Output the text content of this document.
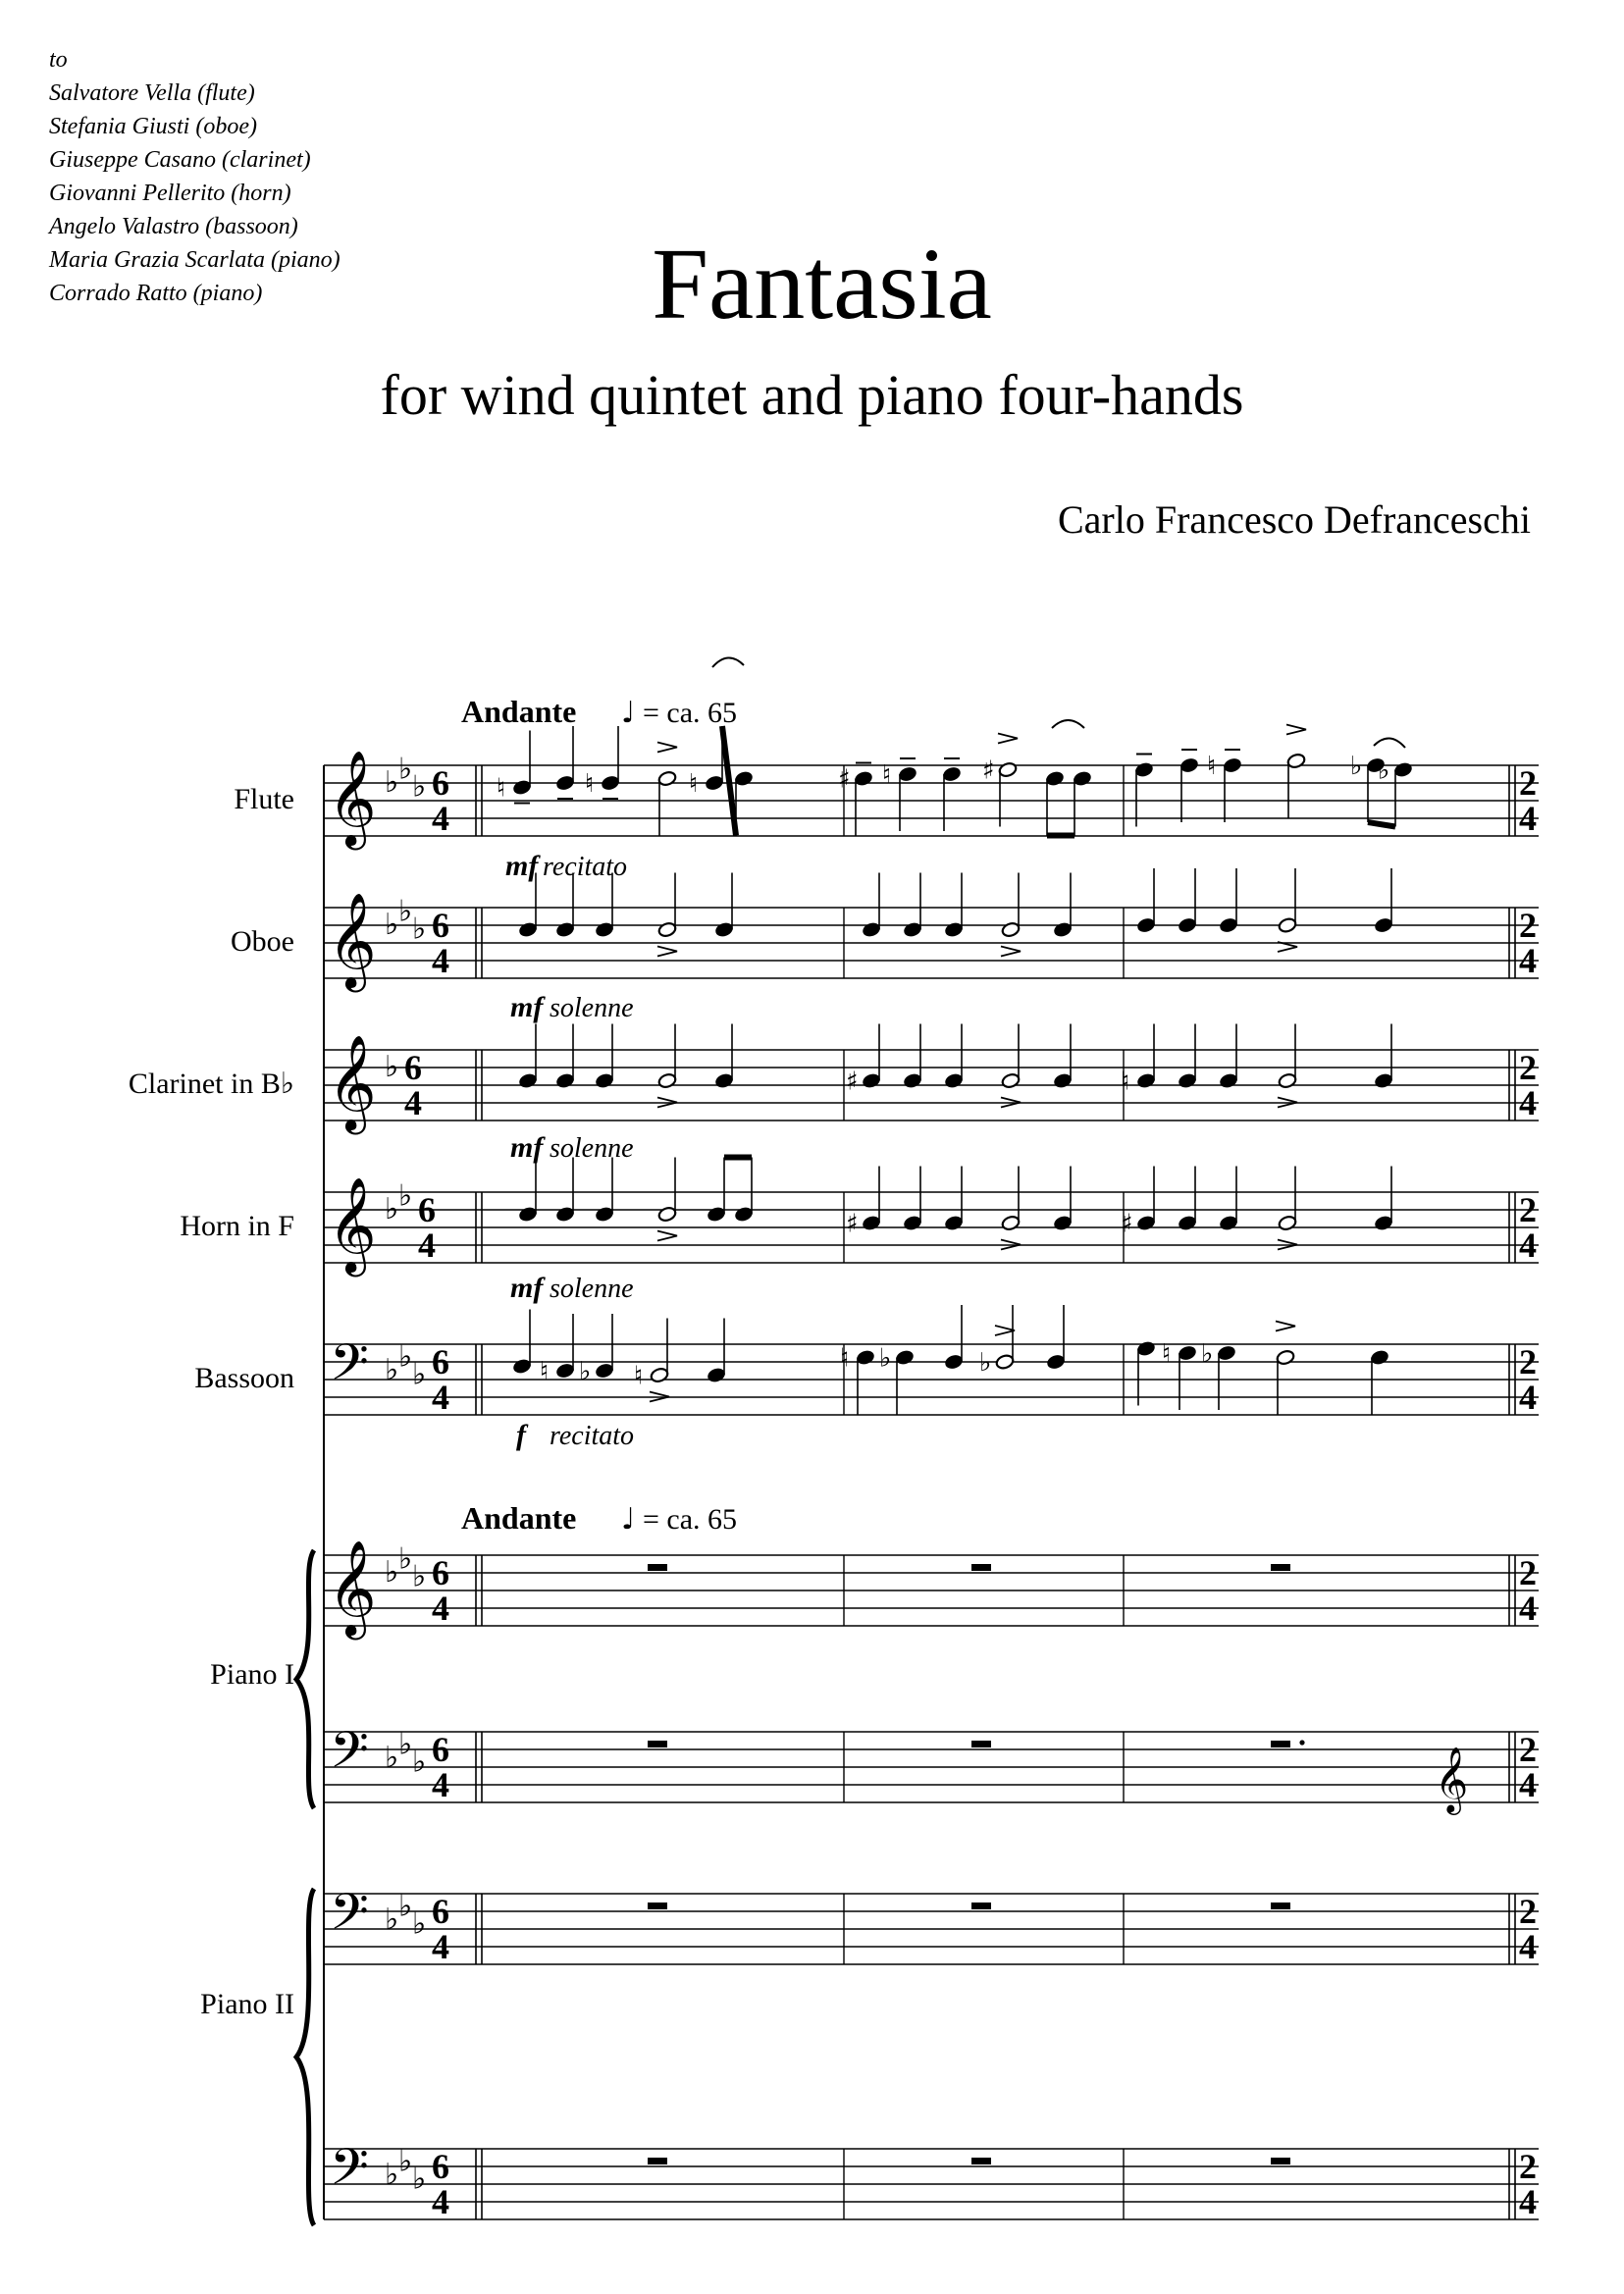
to
Salvatore Vella (flute)
Stefania Giusti (oboe)
Giuseppe Casano (clarinet)
Giovanni Pellerito (horn)
Angelo Valastro (bassoon)
Maria Grazia Scarlata (piano)
Corrado Ratto (piano)	Fantasia
for wind quintet and piano four-hands
Carlo Francesco Defranceschi
𝄞 ♭ ♭
♭ 6
4
2
4
Flute
𝄞 ♭ ♭
♭ 6
4
2
4
Oboe
𝄞 ♭ 6
4
2
4
Clarinet in B♭
𝄞 ♭ ♭ 6
4
2
4
Horn in F
𝄢 ♭ ♭
♭ 6
4
2
4
Bassoon
𝄞 ♭ ♭
♭ 6
4
2
4
𝄢 ♭ ♭
♭ 6
4
2
4
𝄢 ♭ ♭
♭ 6
4
2
4
𝄢 ♭ ♭
♭ 6
4
2
4
Piano I
Piano II
Andante ♩ = ca. 65
Andante ♩ = ca. 65
♮	♮	♮	♯ ♮	♯	♮	♭ ♭
mf recitato
mf solenne
♯	♮
mf solenne
♯	♯
mf solenne
♮ ♭ ♮
♮ ♭	♭	♮ ♭
f recitato
𝄞
